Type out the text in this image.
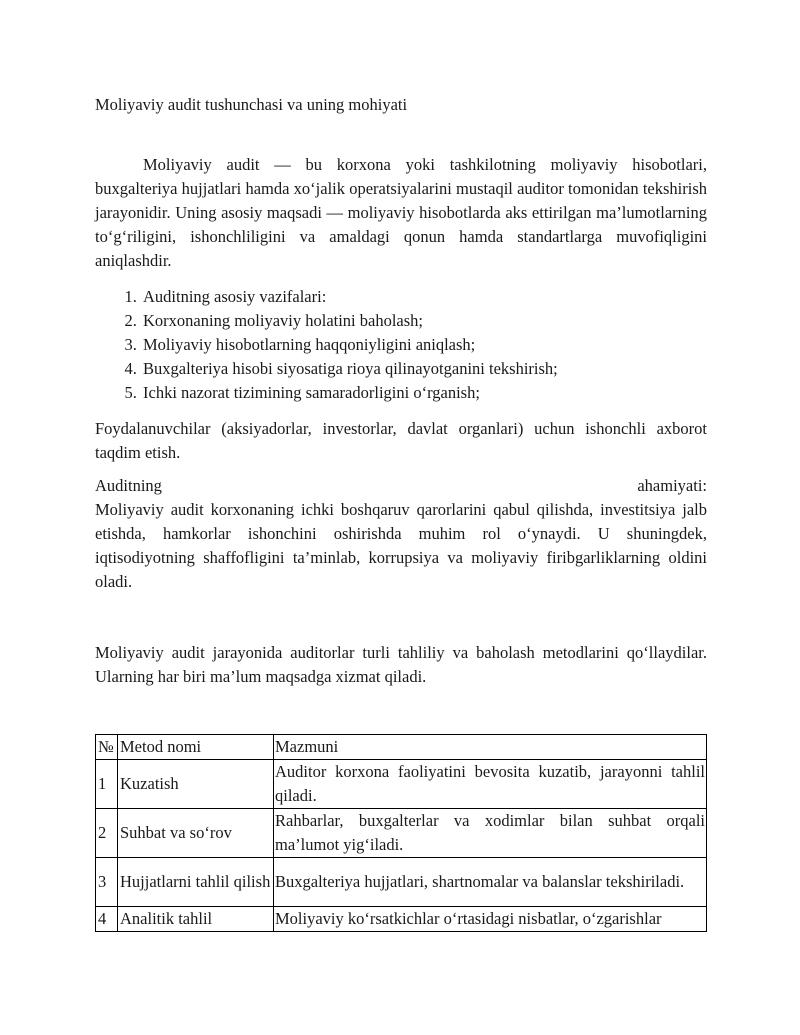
Moliyaviy audit tushunchasi va uning mohiyati

Moliyaviy audit — bu korxona yoki tashkilotning moliyaviy hisobotlari, buxgalteriya hujjatlari hamda xo‘jalik operatsiyalarini mustaqil auditor tomonidan tekshirish jarayonidir. Uning asosiy maqsadi — moliyaviy hisobotlarda aks ettirilgan ma’lumotlarning to‘g‘riligini, ishonchliligini va amaldagi qonun hamda standartlarga muvofiqligini aniqlashdir.

1. Auditning asosiy vazifalari:
2. Korxonaning moliyaviy holatini baholash;
3. Moliyaviy hisobotlarning haqqoniyligini aniqlash;
4. Buxgalteriya hisobi siyosatiga rioya qilinayotganini tekshirish;
5. Ichki nazorat tizimining samaradorligini o‘rganish;

Foydalanuvchilar (aksiyadorlar, investorlar, davlat organlari) uchun ishonchli axborot taqdim etish.

Auditning	ahamiyati:

Moliyaviy audit korxonaning ichki boshqaruv qarorlarini qabul qilishda, investitsiya jalb etishda, hamkorlar ishonchini oshirishda muhim rol o‘ynaydi. U shuningdek, iqtisodiyotning shaffofligini ta’minlab, korrupsiya va moliyaviy firibgarliklarning oldini oladi.

Moliyaviy audit jarayonida auditorlar turli tahliliy va baholash metodlarini qo‘llaydilar. Ularning har biri ma’lum maqsadga xizmat qiladi.

№	Metod nomi	Mazmuni
1	Kuzatish	Auditor korxona faoliyatini bevosita kuzatib, jarayonni tahlil qiladi.
2	Suhbat va so‘rov	Rahbarlar, buxgalterlar va xodimlar bilan suhbat orqali ma’lumot yig‘iladi.
3	Hujjatlarni tahlil qilish	Buxgalteriya hujjatlari, shartnomalar va balanslar tekshiriladi.
4	Analitik tahlil	Moliyaviy ko‘rsatkichlar o‘rtasidagi nisbatlar, o‘zgarishlar
